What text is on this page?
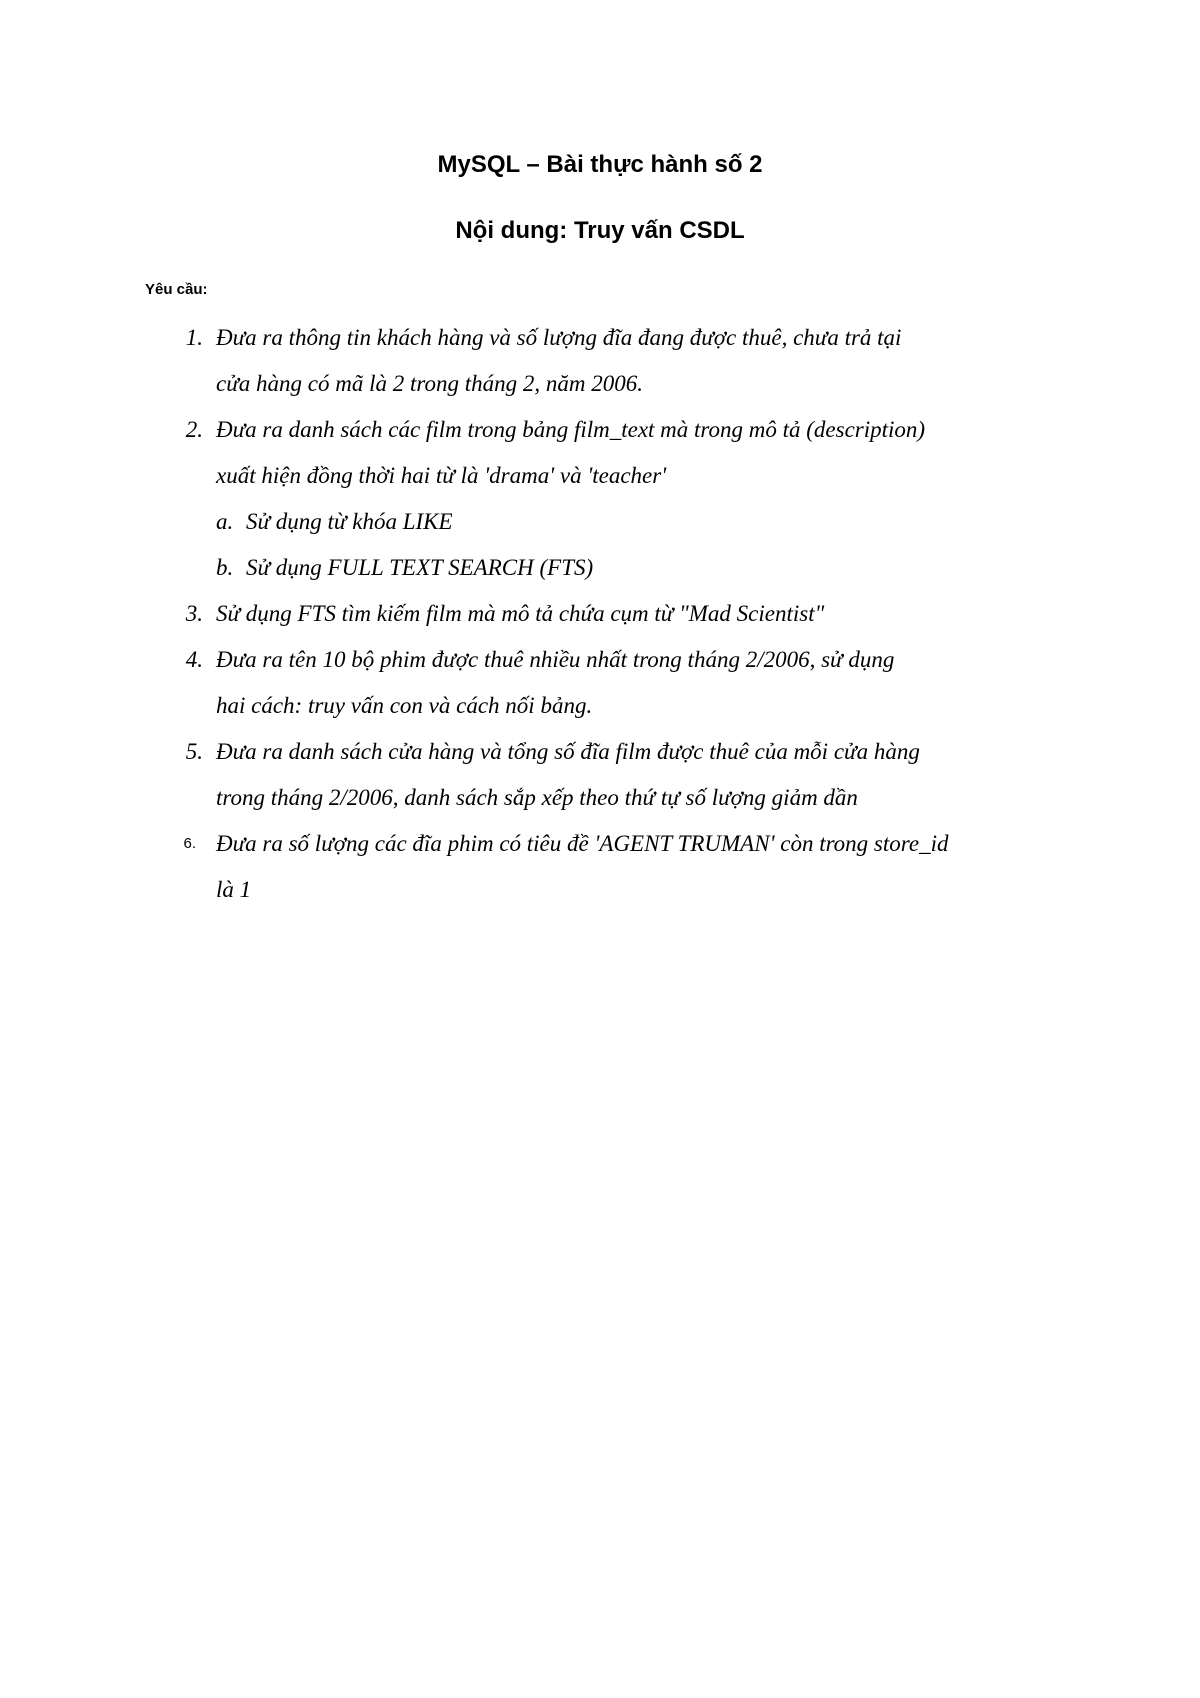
MySQL – Bài thực hành số 2
Nội dung: Truy vấn CSDL
Yêu cầu:
1. Đưa ra thông tin khách hàng và số lượng đĩa đang được thuê, chưa trả tại
cửa hàng có mã là 2 trong tháng 2, năm 2006.
2. Đưa ra danh sách các film trong bảng film_text mà trong mô tả (description)
xuất hiện đồng thời hai từ là 'drama' và 'teacher'
a. Sử dụng từ khóa LIKE
b. Sử dụng FULL TEXT SEARCH (FTS)
3. Sử dụng FTS tìm kiếm film mà mô tả chứa cụm từ "Mad Scientist"
4. Đưa ra tên 10 bộ phim được thuê nhiều nhất trong tháng 2/2006, sử dụng
hai cách: truy vấn con và cách nối bảng.
5. Đưa ra danh sách cửa hàng và tổng số đĩa film được thuê của mỗi cửa hàng
trong tháng 2/2006, danh sách sắp xếp theo thứ tự số lượng giảm dần
6. Đưa ra số lượng các đĩa phim có tiêu đề 'AGENT TRUMAN' còn trong store_id
là 1
